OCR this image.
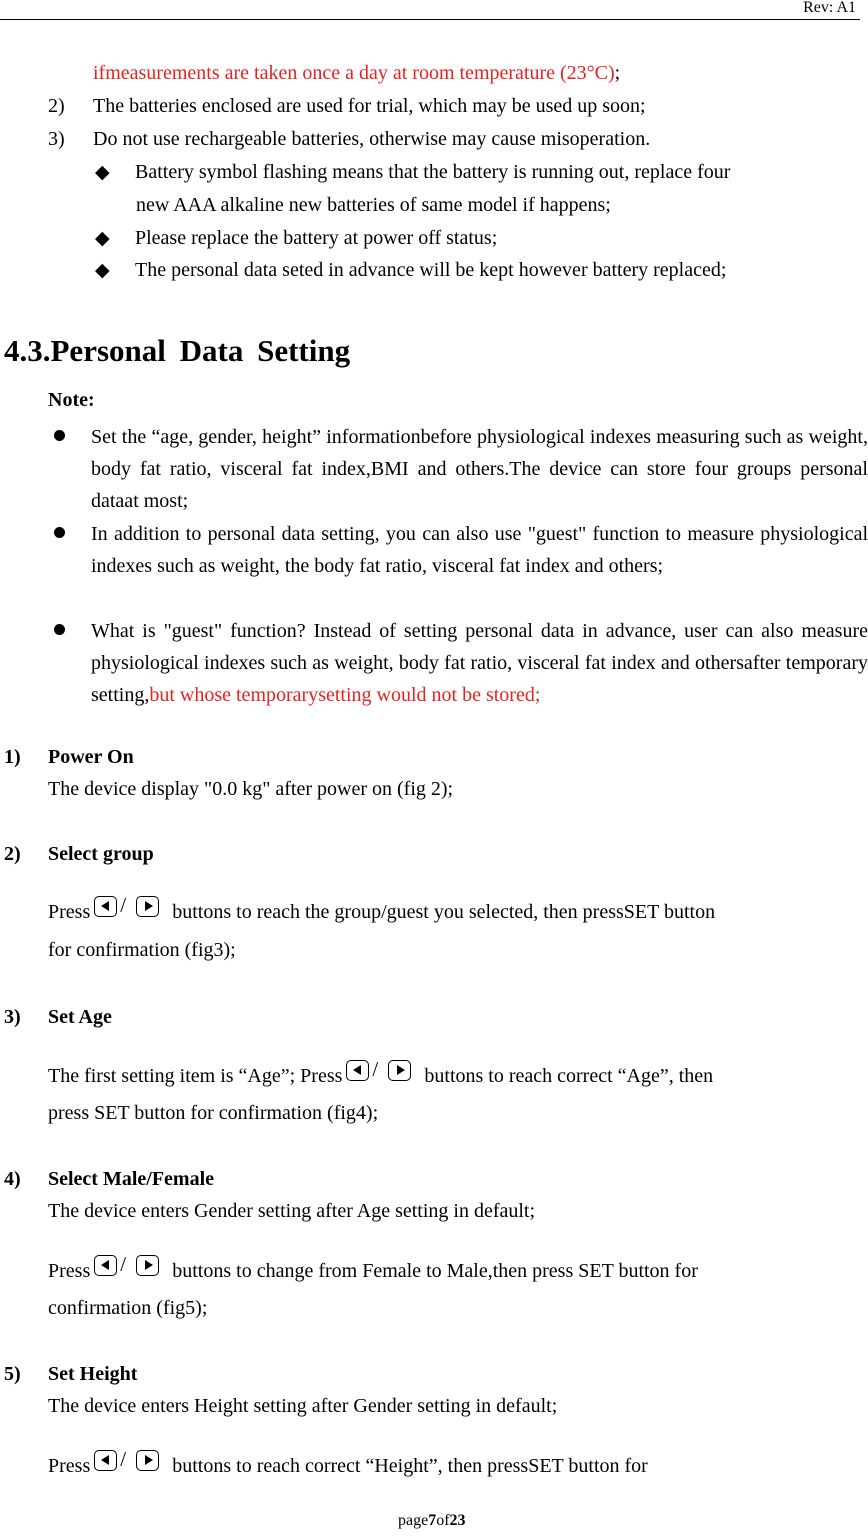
Rev: A1
ifmeasurements are taken once a day at room temperature (23°C);
2) The batteries enclosed are used for trial, which may be used up soon;
3) Do not use rechargeable batteries, otherwise may cause misoperation.
◆ Battery symbol flashing means that the battery is running out, replace four
new AAA alkaline new batteries of same model if happens;
◆ Please replace the battery at power off status;
◆ The personal data seted in advance will be kept however battery replaced;
4.3.Personal Data Setting
Note:
Set the “age, gender, height” informationbefore physiological indexes measuring such as weight, body fat ratio, visceral fat index,BMI and others.The device can store four groups personal dataat most;
In addition to personal data setting, you can also use "guest" function to measure physiological indexes such as weight, the body fat ratio, visceral fat index and others;
What is "guest" function? Instead of setting personal data in advance, user can also measure physiological indexes such as weight, body fat ratio, visceral fat index and othersafter temporary setting,but whose temporarysetting would not be stored;
1) Power On
The device display "0.0 kg" after power on (fig 2);
2) Select group
Press / buttons to reach the group/guest you selected, then pressSET button
for confirmation (fig3);
3) Set Age
The first setting item is “Age”; Press / buttons to reach correct “Age”, then
press SET button for confirmation (fig4);
4) Select Male/Female
The device enters Gender setting after Age setting in default;
Press / buttons to change from Female to Male,then press SET button for
confirmation (fig5);
5) Set Height
The device enters Height setting after Gender setting in default;
Press / buttons to reach correct “Height”, then pressSET button for
page7of23
